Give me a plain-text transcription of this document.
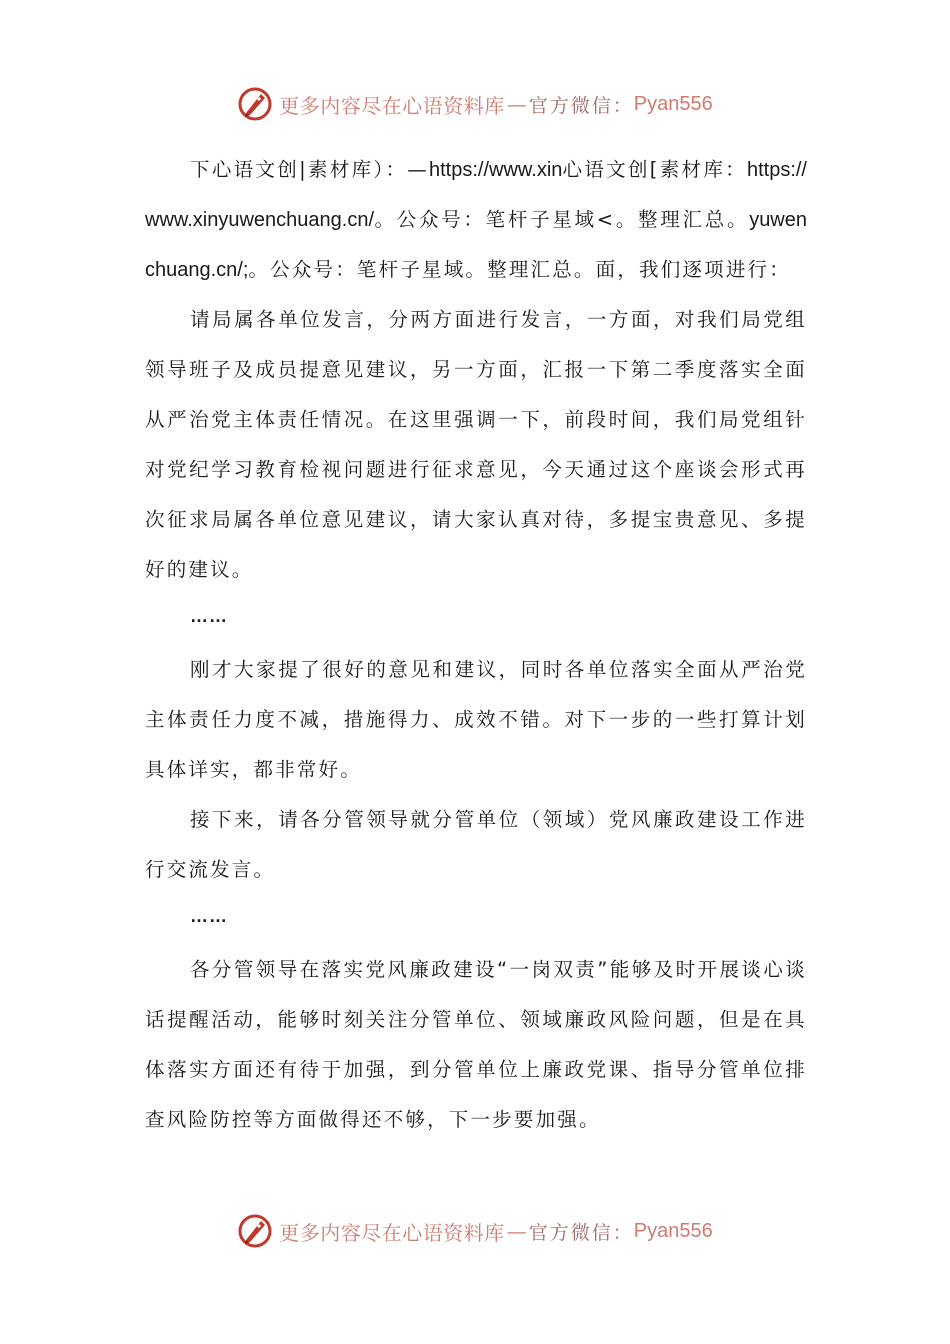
更多内容尽在心语资料库 — 官方微信： Pyan556

下心语文创|素材库）：—https://www.xin心语文创[素材库：https://www.xinyuwenchuang.cn/。公众号：笔杆子星域<。整理汇总。yuwenchuang.cn/;。公众号：笔杆子星域。整理汇总。面，我们逐项进行：

请局属各单位发言，分两方面进行发言，一方面，对我们局党组领导班子及成员提意见建议，另一方面，汇报一下第二季度落实全面从严治党主体责任情况。在这里强调一下，前段时间，我们局党组针对党纪学习教育检视问题进行征求意见，今天通过这个座谈会形式再次征求局属各单位意见建议，请大家认真对待，多提宝贵意见、多提好的建议。

……

刚才大家提了很好的意见和建议，同时各单位落实全面从严治党主体责任力度不减，措施得力、成效不错。对下一步的一些打算计划具体详实，都非常好。

接下来，请各分管领导就分管单位（领域）党风廉政建设工作进行交流发言。

……

各分管领导在落实党风廉政建设“一岗双责”能够及时开展谈心谈话提醒活动，能够时刻关注分管单位、领域廉政风险问题，但是在具体落实方面还有待于加强，到分管单位上廉政党课、指导分管单位排查风险防控等方面做得还不够，下一步要加强。

更多内容尽在心语资料库 — 官方微信： Pyan556
